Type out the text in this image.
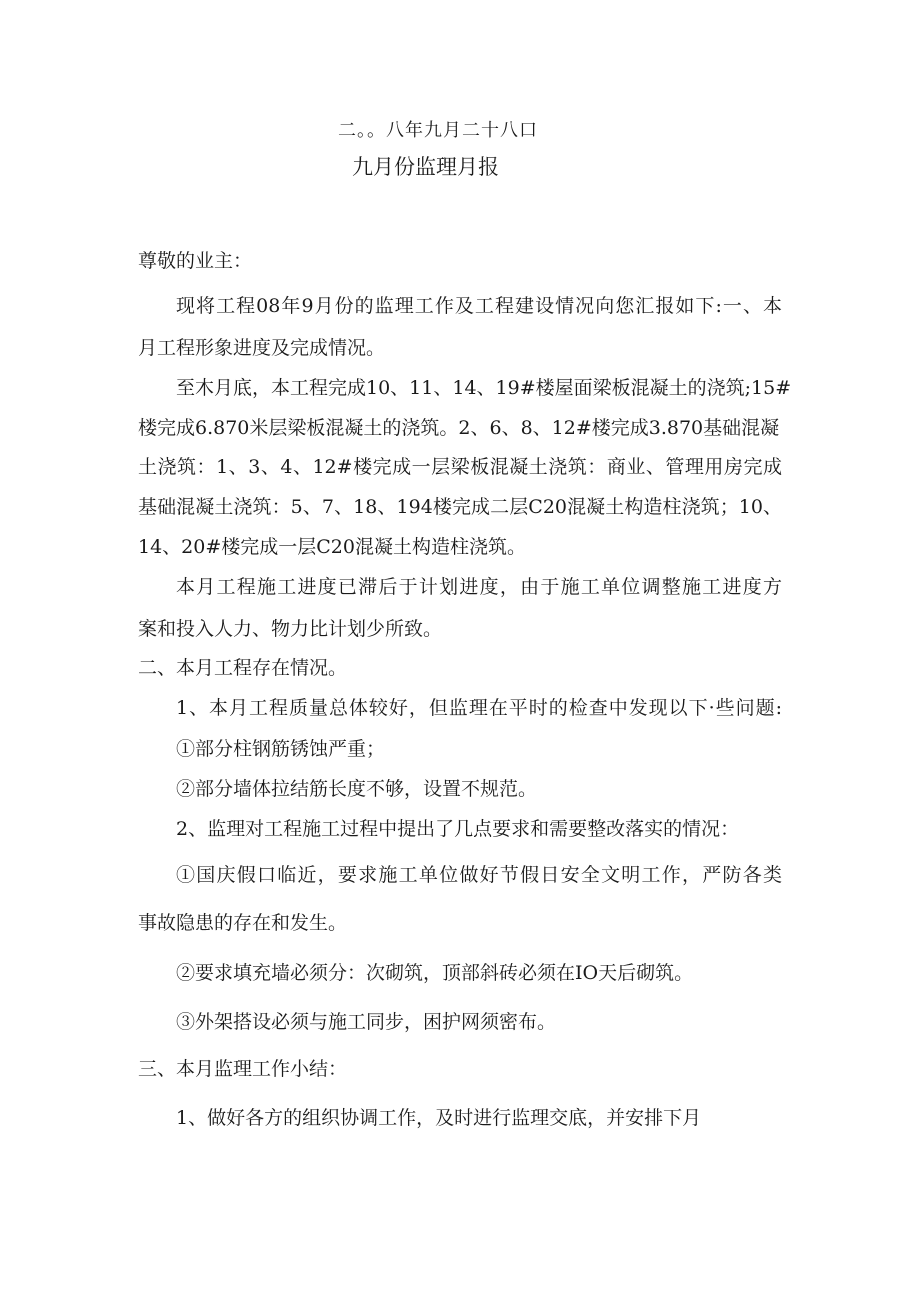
二。。八年九月二十八口
九月份监理月报
尊敬的业主：
现将工程08年9月份的监理工作及工程建设情况向您汇报如下:一、本
月工程形象进度及完成情况。
至木月底，本工程完成10、11、14、19#楼屋面梁板混凝土的浇筑;15#
楼完成6.870米层梁板混凝土的浇筑。2、6、8、12#楼完成3.870基础混凝
土浇筑：1、3、4、12#楼完成一层梁板混凝土浇筑：商业、管理用房完成
基础混凝土浇筑：5、7、18、194楼完成二层C20混凝土构造柱浇筑；10、
14、20#楼完成一层C20混凝土构造柱浇筑。
本月工程施工进度已滞后于计划进度，由于施工单位调整施工进度方
案和投入人力、物力比计划少所致。
二、本月工程存在情况。
1、本月工程质量总体较好，但监理在平时的检查中发现以下·些问题:
①部分柱钢筋锈蚀严重；
②部分墙体拉结筋长度不够，设置不规范。
2、监理对工程施工过程中提出了几点要求和需要整改落实的情况：
①国庆假口临近，要求施工单位做好节假日安全文明工作，严防各类
事故隐患的存在和发生。
②要求填充墙必须分：次砌筑，顶部斜砖必须在IO天后砌筑。
③外架搭设必须与施工同步，困护网须密布。
三、本月监理工作小结：
1、做好各方的组织协调工作，及时进行监理交底，并安排下月
